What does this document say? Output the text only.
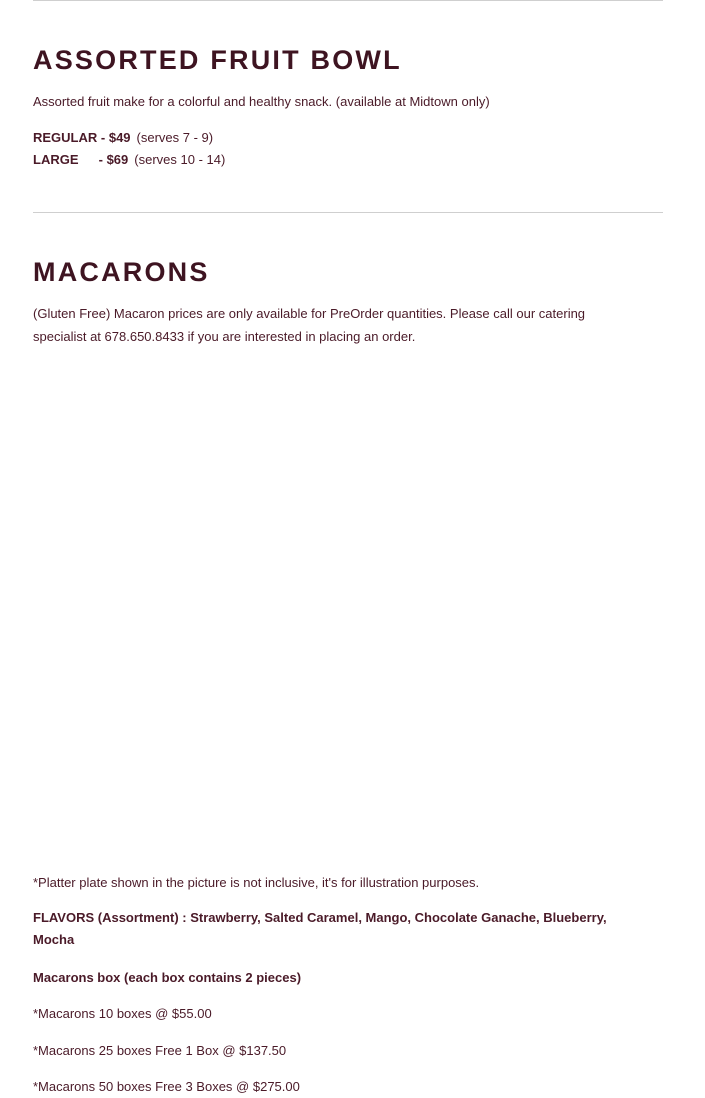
ASSORTED FRUIT BOWL

Assorted fruit make for a colorful and healthy snack. (available at Midtown only)

REGULAR - $49 (serves 7 - 9)
LARGE - $69 (serves 10 - 14)
MACARONS

(Gluten Free) Macaron prices are only available for PreOrder quantities. Please call our catering specialist at 678.650.8433 if you are interested in placing an order.

*Platter plate shown in the picture is not inclusive, it's for illustration purposes.

FLAVORS (Assortment) : Strawberry, Salted Caramel, Mango, Chocolate Ganache, Blueberry, Mocha

Macarons box (each box contains 2 pieces)

*Macarons 10 boxes @ $55.00

*Macarons 25 boxes Free 1 Box @ $137.50

*Macarons 50 boxes Free 3 Boxes @ $275.00
